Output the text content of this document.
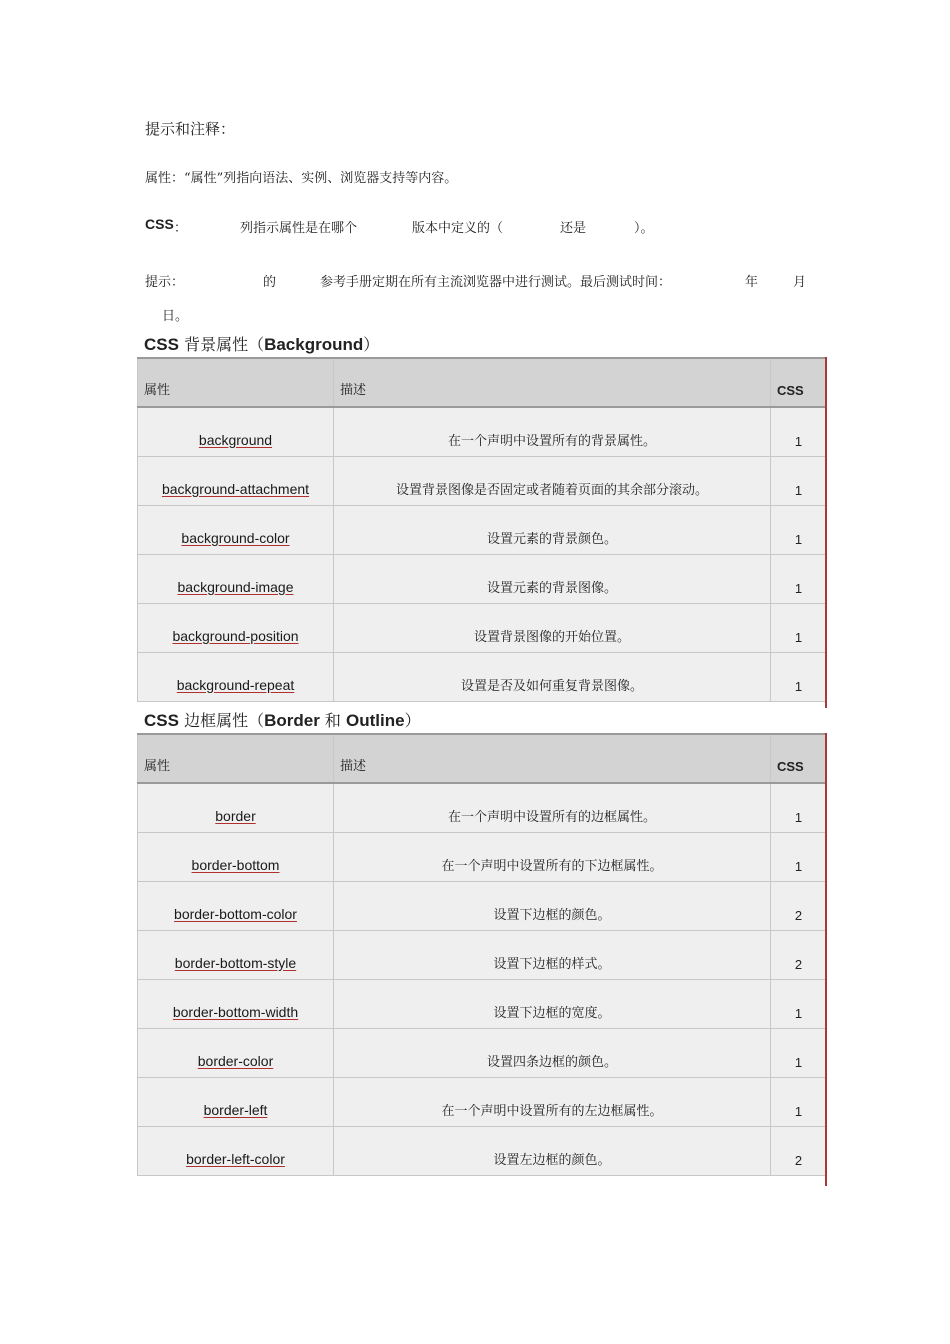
提示和注释：
属性：“属性”列指向语法、实例、浏览器支持等内容。
CSS ：	列指示属性是在哪个	版本中定义的（	还是	）。
提示：	的	参考手册定期在所有主流浏览器中进行测试。最后测试时间：	年	月
日。
CSS 背景属性（Background）
属性	描述	CSS
background	在一个声明中设置所有的背景属性。	1
background-attachment	设置背景图像是否固定或者随着页面的其余部分滚动。	1
background-color	设置元素的背景颜色。	1
background-image	设置元素的背景图像。	1
background-position	设置背景图像的开始位置。	1
background-repeat	设置是否及如何重复背景图像。	1
CSS 边框属性（Border 和 Outline）
属性	描述	CSS
border	在一个声明中设置所有的边框属性。	1
border-bottom	在一个声明中设置所有的下边框属性。	1
border-bottom-color	设置下边框的颜色。	2
border-bottom-style	设置下边框的样式。	2
border-bottom-width	设置下边框的宽度。	1
border-color	设置四条边框的颜色。	1
border-left	在一个声明中设置所有的左边框属性。	1
border-left-color	设置左边框的颜色。	2
